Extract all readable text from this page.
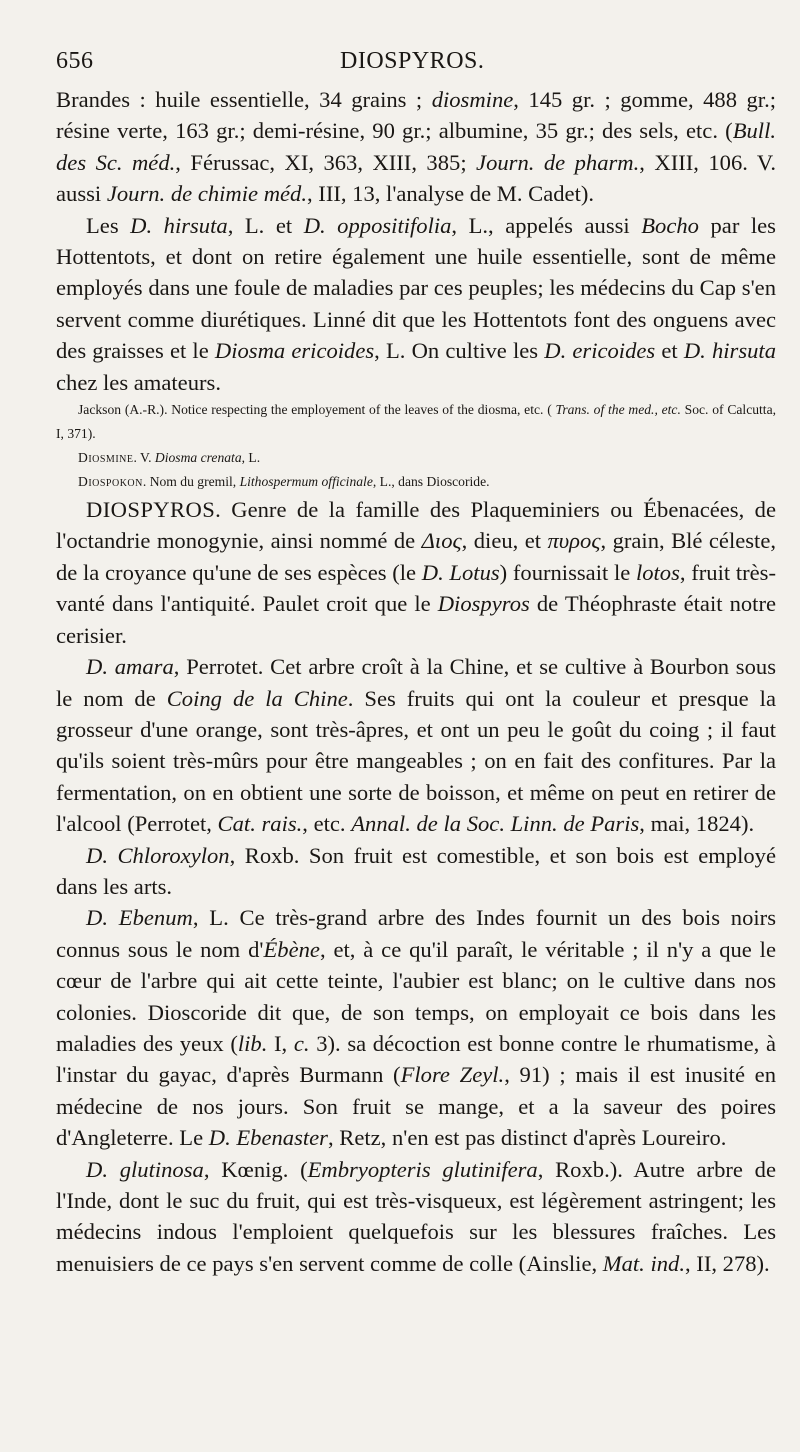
656	DIOSPYROS.

Brandes : huile essentielle, 34 grains ; diosmine, 145 gr. ; gomme, 488 gr.; résine verte, 163 gr.; demi-résine, 90 gr.; albumine, 35 gr.; des sels, etc. (Bull. des Sc. méd., Férussac, XI, 363, XIII, 385; Journ. de pharm., XIII, 106. V. aussi Journ. de chimie méd., III, 13, l'analyse de M. Cadet).

Les D. hirsuta, L. et D. oppositifolia, L., appelés aussi Bocho par les Hottentots, et dont on retire également une huile essentielle, sont de même employés dans une foule de maladies par ces peuples; les médecins du Cap s'en servent comme diurétiques. Linné dit que les Hottentots font des onguens avec des graisses et le Diosma ericoides, L. On cultive les D. ericoides et D. hirsuta chez les amateurs.

Jackson (A.-R.). Notice respecting the employement of the leaves of the diosma, etc. ( Trans. of the med., etc. Soc. of Calcutta, I, 371).

Diosmine. V. Diosma crenata, L.

Diospokon. Nom du gremil, Lithospermum officinale, L., dans Dioscoride.

DIOSPYROS. Genre de la famille des Plaqueminiers ou Ébenacées, de l'octandrie monogynie, ainsi nommé de Διος, dieu, et πυρος, grain, Blé céleste, de la croyance qu'une de ses espèces (le D. Lotus) fournissait le lotos, fruit très-vanté dans l'antiquité. Paulet croit que le Diospyros de Théophraste était notre cerisier.

D. amara, Perrotet. Cet arbre croît à la Chine, et se cultive à Bourbon sous le nom de Coing de la Chine. Ses fruits qui ont la couleur et presque la grosseur d'une orange, sont très-âpres, et ont un peu le goût du coing ; il faut qu'ils soient très-mûrs pour être mangeables ; on en fait des confitures. Par la fermentation, on en obtient une sorte de boisson, et même on peut en retirer de l'alcool (Perrotet, Cat. rais., etc. Annal. de la Soc. Linn. de Paris, mai, 1824).

D. Chloroxylon, Roxb. Son fruit est comestible, et son bois est employé dans les arts.

D. Ebenum, L. Ce très-grand arbre des Indes fournit un des bois noirs connus sous le nom d'Ébène, et, à ce qu'il paraît, le véritable ; il n'y a que le cœur de l'arbre qui ait cette teinte, l'aubier est blanc; on le cultive dans nos colonies. Dioscoride dit que, de son temps, on employait ce bois dans les maladies des yeux (lib. I, c. 3). sa décoction est bonne contre le rhumatisme, à l'instar du gayac, d'après Burmann (Flore Zeyl., 91) ; mais il est inusité en médecine de nos jours. Son fruit se mange, et a la saveur des poires d'Angleterre. Le D. Ebenaster, Retz, n'en est pas distinct d'après Loureiro.

D. glutinosa, Kœnig. (Embryopteris glutinifera, Roxb.). Autre arbre de l'Inde, dont le suc du fruit, qui est très-visqueux, est légèrement astringent; les médecins indous l'emploient quelquefois sur les blessures fraîches. Les menuisiers de ce pays s'en servent comme de colle (Ainslie, Mat. ind., II, 278).
